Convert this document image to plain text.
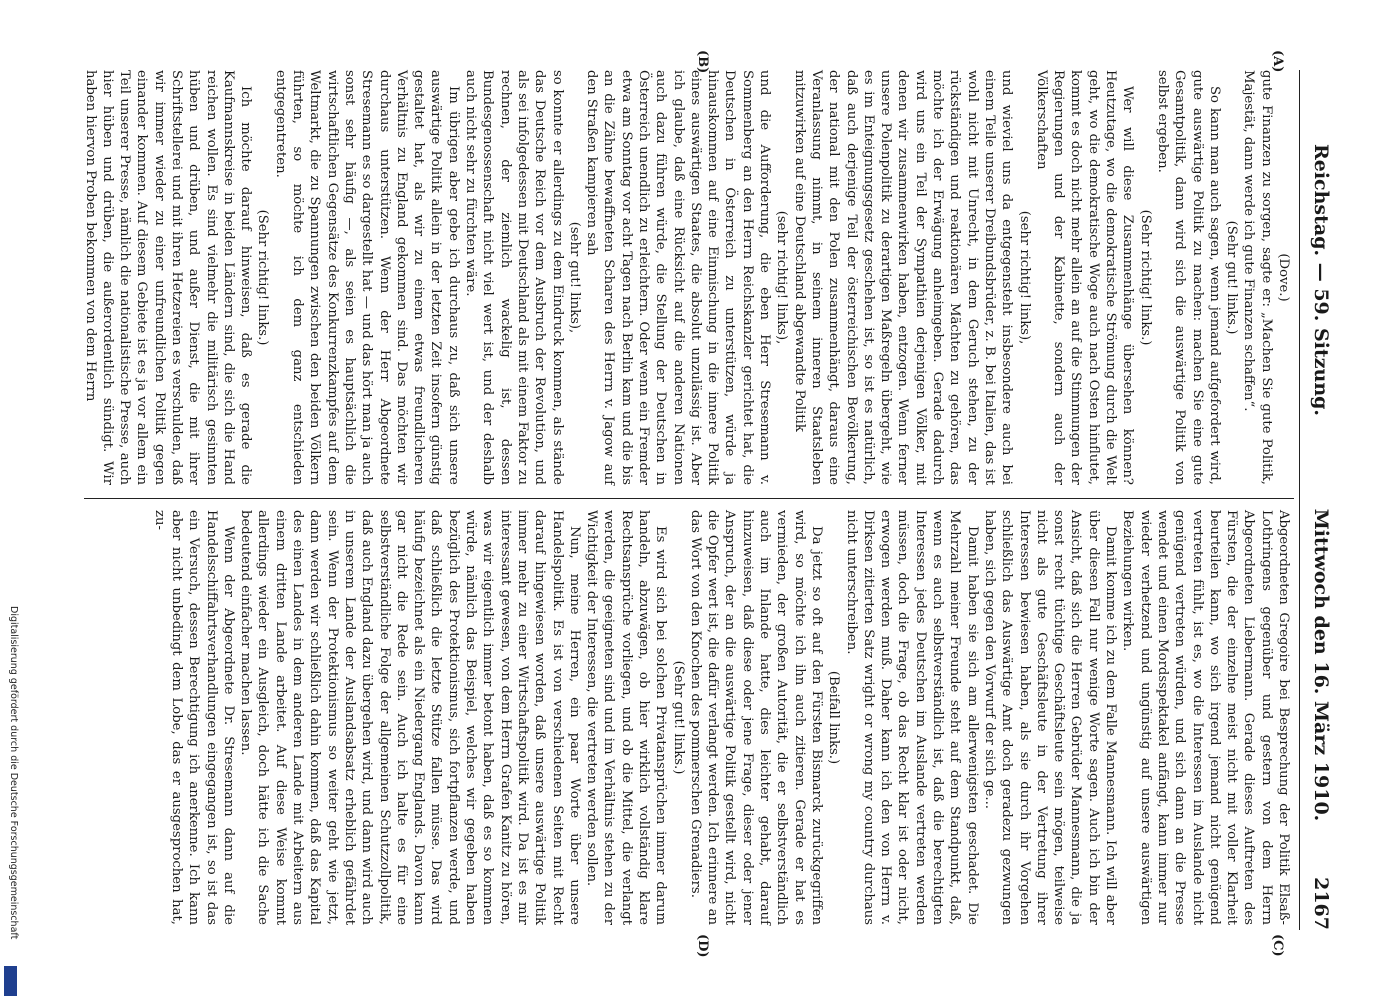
Reichstag. — 59. Sitzung.
Mittwoch den 16. März 1910.
2167
(A)
(B)
(C)
(D)

(Dove.)

gute Finanzen zu sorgen, sagte er: „Machen Sie gute Politik, Majestät, dann werde ich gute Finanzen schaffen“.

(Sehr gut! links.)

So kann man auch sagen, wenn jemand aufgefordert wird, gute auswärtige Politik zu machen: machen Sie eine gute Gesamtpolitik, dann wird sich die auswärtige Politik von selbst ergeben.

(Sehr richtig! links.)

Wer will diese Zusammenhänge übersehen können? Heutzutage, wo die demokratische Strömung durch die Welt geht, wo die demokratische Woge auch nach Osten hinflutet, kommt es doch nicht mehr allein an auf die Stimmungen der Regierungen und der Kabinette, sondern auch der Völkerschaften

(sehr richtig! links),

und wieviel uns da entgegensteht insbesondere auch bei einem Teile unserer Dreibundsbrüder, z. B. bei Italien, das ist wohl nicht mit Unrecht, in dem Geruch stehen, zu der rückständigen und reaktionären Mächten zu gehören, das möchte ich der Erwägung anheimgeben. Gerade dadurch wird uns ein Teil der Sympathien derjenigen Völker, mit denen wir zusammenwirken haben, entzogen. Wenn ferner unsere Polenpolitik zu derartigen Maßregeln übergeht, wie es im Enteignungsgesetz geschehen ist, so ist es natürlich, daß auch derjenige Teil der österreichischen Bevölkerung, der national mit den Polen zusammenhängt, daraus eine Veranlassung nimmt, in seinem inneren Staatsleben mitzuwirken auf eine Deutschland abgewandte Politik

(sehr richtig! links),

und die Aufforderung, die eben Herr Stresemann v. Sommenberg an den Herrn Reichskanzler gerichtet hat, die Deutschen in Österreich zu unterstützen, würde ja hinauskommen auf eine Einmischung in die innere Politik eines auswärtigen Staates, die absolut unzulässig ist. Aber ich glaube, daß eine Rücksicht auf die anderen Nationen auch dazu führen würde, die Stellung der Deutschen in Österreich unendlich zu erleichtern. Oder wenn ein Fremder etwa am Sonntag vor acht Tagen nach Berlin kam und die bis an die Zähne bewaffneten Scharen des Herrn v. Jagow auf den Straßen kampieren sah

(sehr gut! links),

so konnte er allerdings zu dem Eindruck kommen, als stände das Deutsche Reich vor dem Ausbruch der Revolution, und als sei infolgedessen mit Deutschland als mit einem Faktor zu rechnen, der ziemlich wackelig ist, dessen Bundesgenossenschaft nicht viel wert ist, und der deshalb auch nicht sehr zu fürchten wäre.

Im übrigen aber gebe ich durchaus zu, daß sich unsere auswärtige Politik allein in der letzten Zeit insofern günstig gestaltet hat, als wir zu einem etwas freundlicheren Verhältnis zu England gekommen sind. Das möchten wir durchaus unterstützen. Wenn der Herr Abgeordnete Stresemann es so dargestellt hat — und das hört man ja auch sonst sehr häufig —, als seien es hauptsächlich die wirtschaftlichen Gegensätze des Konkurrenzkampfes auf dem Weltmarkt, die zu Spannungen zwischen den beiden Völkern führten, so möchte ich dem ganz entschieden entgegentreten.

(Sehr richtig! links.)

Ich möchte darauf hinweisen, daß es gerade die Kaufmannskreise in beiden Ländern sind, die sich die Hand reichen wollen. Es sind vielmehr die militärisch gesinnten hüben und drüben, und außer Dienst, die mit ihrer Schriftstellerei und mit ihren Hetzereien es verschulden, daß wir immer wieder zu einer unfreundlichen Politik gegen einander kommen. Auf diesem Gebiete ist es ja vor allem ein Teil unserer Presse, nämlich die nationalistische Presse, auch hier hüben und drüben, die außerordentlich sündigt. Wir haben hiervon Proben bekommen von dem Herrn

Abgeordneten Gregoire bei Besprechung der Politik Elsaß-Lothringens gegenüber und gestern von dem Herrn Abgeordneten Liebermann. Gerade dieses Auftreten des Fürsten, die der einzelne meist nicht mit voller Klarheit beurteilen kann, wo sich irgend jemand nicht genügend vertreten fühlt, ist es, wo die Interessen im Auslande nicht genügend vertreten würden, und sich dann an die Presse wendet und einen Mordsspektakel anfängt, kann immer nur wieder verhetzend und ungünstig auf unsere auswärtigen Beziehungen wirken.

Damit komme ich zu dem Falle Mannesmann. Ich will aber über diesen Fall nur wenige Worte sagen. Auch ich bin der Ansicht, daß sich die Herren Gebrüder Mannesmann, die ja sonst recht tüchtige Geschäftsleute sein mögen, teilweise nicht als gute Geschäftsleute in der Vertretung ihrer Interessen bewiesen haben, als sie durch ihr Vorgehen schließlich das Auswärtige Amt doch geradezu gezwungen haben, sich gegen den Vorwurf der sich ge...

Damit haben sie sich am allerwenigsten geschadet. Die Mehrzahl meiner Freunde steht auf dem Standpunkt, daß, wenn es auch selbstverständlich ist, daß die berechtigten Interessen jedes Deutschen im Auslande vertreten werden müssen, doch die Frage, ob das Recht klar ist oder nicht, erwogen werden muß. Daher kann ich den von Herrn v. Dirksen zitierten Satz wright or wrong my country durchaus nicht unterschreiben.

(Beifall links.)

Da jetzt so oft auf den Fürsten Bismarck zurückgegriffen wird, so möchte ich ihn auch zitieren. Gerade er hat es vermieden, der großen Autorität, die er selbstverständlich auch im Inlande hatte, dies leichter gehabt, darauf hinzuweisen, daß diese oder jene Frage, dieser oder jener Anspruch, der an die auswärtige Politik gestellt wird, nicht die Opfer wert ist, die dafür verlangt werden. Ich erinnere an das Wort von den Knochen des pommerschen Grenadiers.

(Sehr gut! links.)

Es wird sich bei solchen Privatansprüchen immer darum handeln, abzuwägen, ob hier wirklich vollständig klare Rechtsansprüche vorliegen, und ob die Mittel, die verlangt werden, die geeigneten sind und im Verhältnis stehen zu der Wichtigkeit der Interessen, die vertreten werden sollen.

Nun, meine Herren, ein paar Worte über unsere Handelspolitik. Es ist von verschiedenen Seiten mit Recht darauf hingewiesen worden, daß unsere auswärtige Politik immer mehr zu einer Wirtschaftspolitik wird. Da ist es mir interessant gewesen, von dem Herrn Grafen Kanitz zu hören, was wir eigentlich immer betont haben, daß es so kommen würde, nämlich das Beispiel, welches wir gegeben haben bezüglich des Protektionismus, sich fortpflanzen werde, und daß schließlich die letzte Stütze fallen müsse. Das wird häufig bezeichnet als ein Niedergang Englands. Davon kann gar nicht die Rede sein. Auch ich halte es für eine selbstverständliche Folge der allgemeinen Schutzzollpolitik, daß auch England dazu übergehen wird, und dann wird auch in unserem Lande der Auslandsabsatz erheblich gefährdet sein. Wenn der Protektionismus so weiter geht wie jetzt, dann werden wir schließlich dahin kommen, daß das Kapital des einen Landes in dem anderen Lande mit Arbeitern aus einem dritten Lande arbeitet. Auf diese Weise kommt allerdings wieder ein Ausgleich, doch hätte ich die Sache bedeutend einfacher machen lassen.

Wenn der Abgeordnete Dr. Stresemann dann auf die Handelsschiffahrtsverhandlungen eingegangen ist, so ist das ein Versuch, dessen Berechtigung ich anerkenne. Ich kann aber nicht unbedingt dem Lobe, das er ausgesprochen hat, zu-

Digitalisierung gefördert durch die Deutsche Forschungsgemeinschaft
